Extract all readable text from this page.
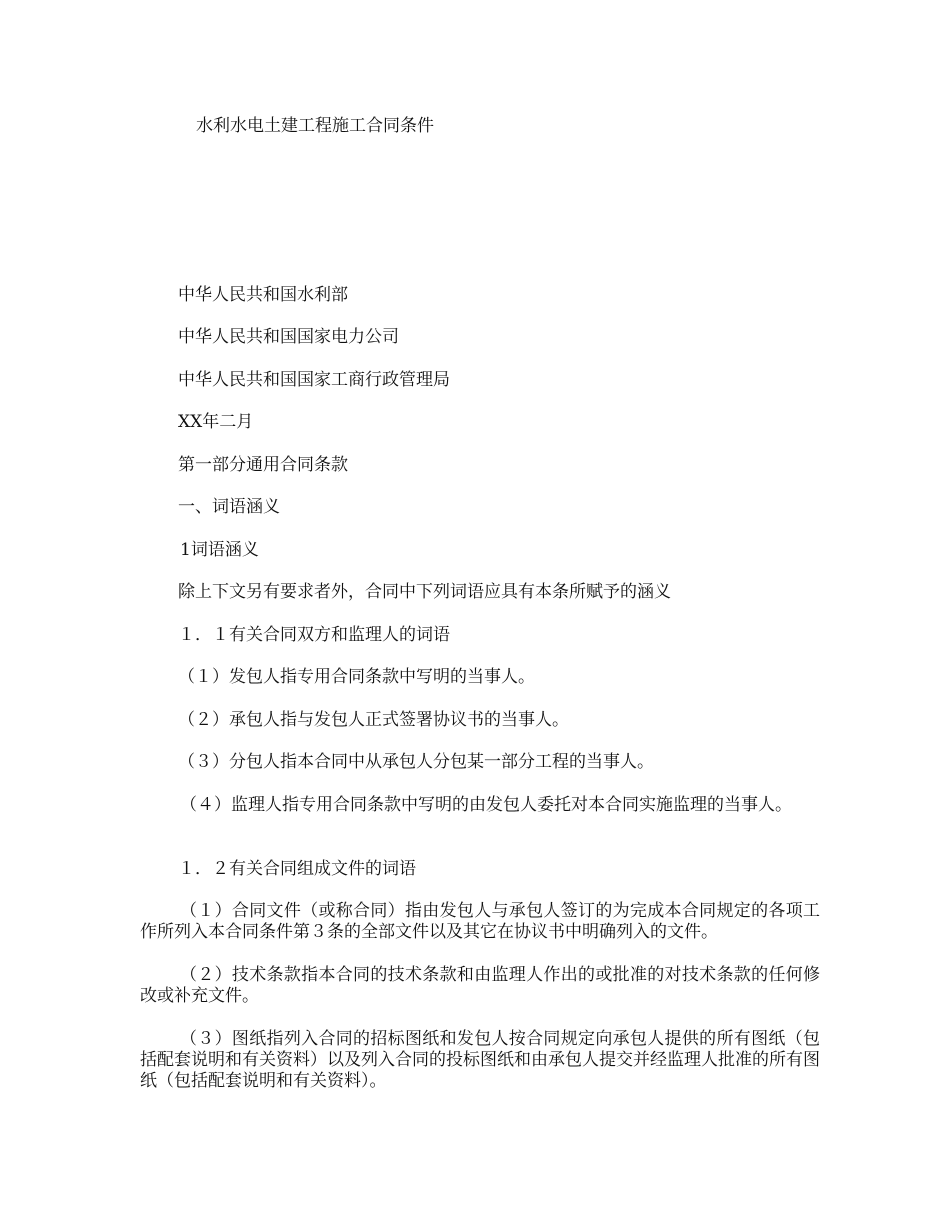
水利水电土建工程施工合同条件
中华人民共和国水利部
中华人民共和国国家电力公司
中华人民共和国国家工商行政管理局
XX年二月
第一部分通用合同条款
一、词语涵义
1词语涵义
除上下文另有要求者外，合同中下列词语应具有本条所赋予的涵义
１．１有关合同双方和监理人的词语
（１）发包人指专用合同条款中写明的当事人。
（２）承包人指与发包人正式签署协议书的当事人。
（３）分包人指本合同中从承包人分包某一部分工程的当事人。
（４）监理人指专用合同条款中写明的由发包人委托对本合同实施监理的当事人。
１．２有关合同组成文件的词语
（１）合同文件（或称合同）指由发包人与承包人签订的为完成本合同规定的各项工作所列入本合同条件第３条的全部文件以及其它在协议书中明确列入的文件。
（２）技术条款指本合同的技术条款和由监理人作出的或批准的对技术条款的任何修改或补充文件。
（３）图纸指列入合同的招标图纸和发包人按合同规定向承包人提供的所有图纸（包括配套说明和有关资料）以及列入合同的投标图纸和由承包人提交并经监理人批准的所有图纸（包括配套说明和有关资料）。
